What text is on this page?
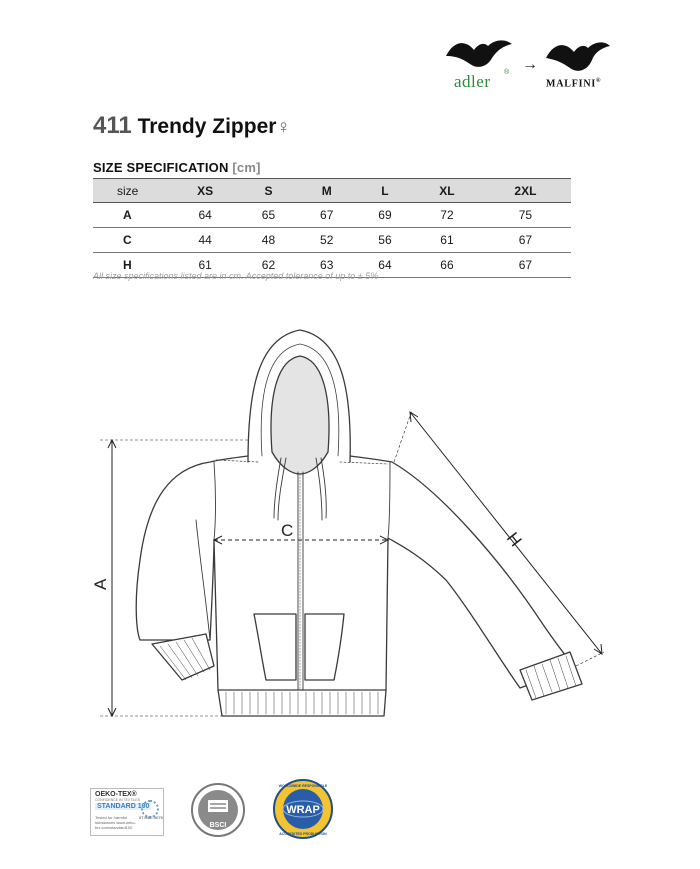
adler ® →
MALFINI®
411 Trendy Zipper♀
SIZE SPECIFICATION [cm]
size	XS	S	M	L	XL	2XL
A	64	65	67	69	72	75
C	44	48	52	56	61	67
H	61	62	63	64	66	67
All size specifications listed are in cm. Accepted tolerance of up to ± 5%
A
C	H
OEKO-TEX®
CONFIDENCE IN TEXTILES
STANDARD 100
07.HBE.9070
Tested for harmful substances www.oeko-tex.com/standard100	BSCI
WRAP
WORLDWIDE RESPONSIBLE
ACCREDITED PRODUCTION
